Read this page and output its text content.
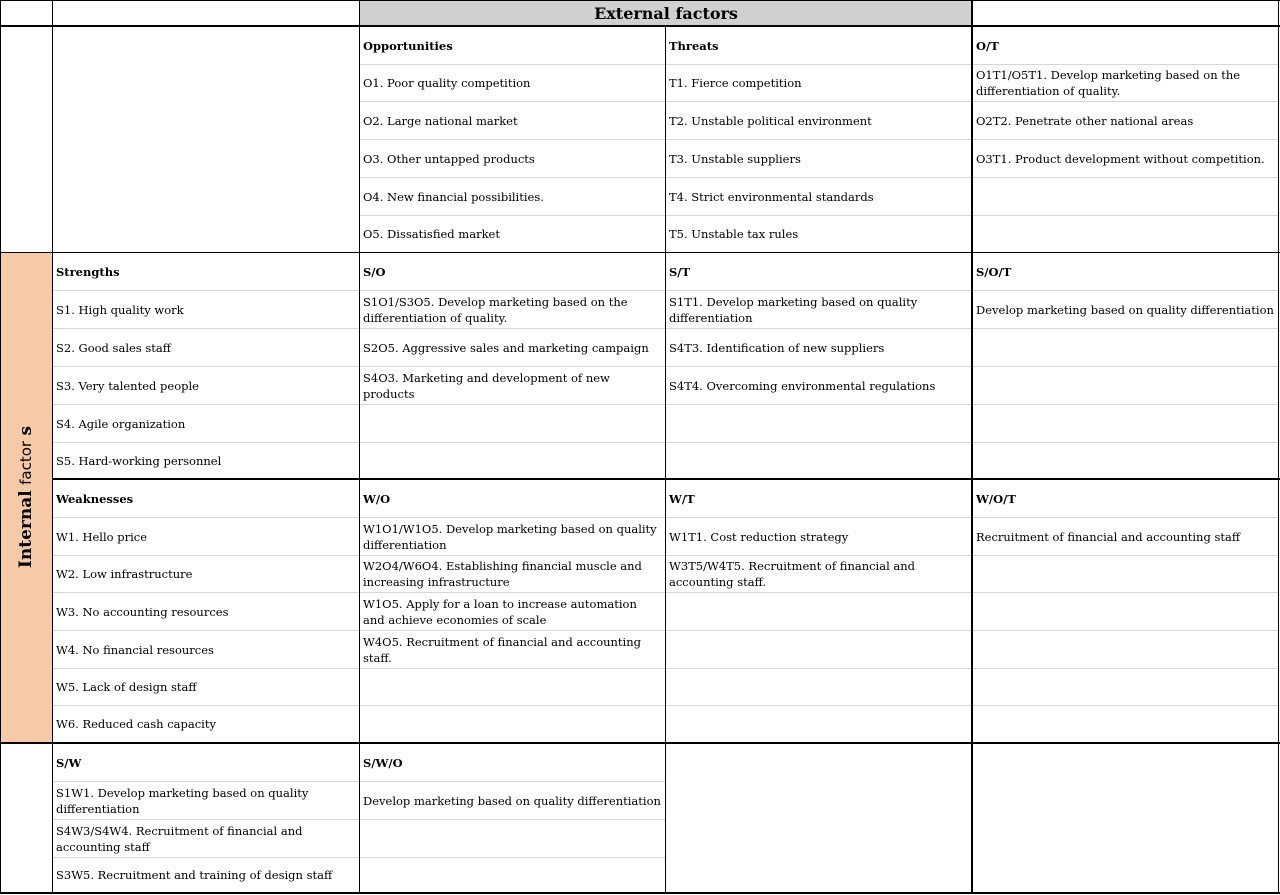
External factors
Internal factor s
Opportunities
O1. Poor quality competition
O2. Large national market
O3. Other untapped products
O4. New financial possibilities.
O5. Dissatisfied market
Threats
T1. Fierce competition
T2. Unstable political environment
T3. Unstable suppliers
T4. Strict environmental standards
T5. Unstable tax rules
O/T
O1T1/O5T1. Develop marketing based on the differentiation of quality.
O2T2. Penetrate other national areas
O3T1. Product development without competition.
Strengths
S1. High quality work
S2. Good sales staff
S3. Very talented people
S4. Agile organization
S5. Hard-working personnel
S/O
S1O1/S3O5. Develop marketing based on the differentiation of quality.
S2O5. Aggressive sales and marketing campaign
S4O3. Marketing and development of new products
S/T
S1T1. Develop marketing based on quality differentiation
S4T3. Identification of new suppliers
S4T4. Overcoming environmental regulations
S/O/T
Develop marketing based on quality differentiation
Weaknesses
W1. Hello price
W2. Low infrastructure
W3. No accounting resources
W4. No financial resources
W5. Lack of design staff
W6. Reduced cash capacity
W/O
W1O1/W1O5. Develop marketing based on quality differentiation
W2O4/W6O4. Establishing financial muscle and increasing infrastructure
W1O5. Apply for a loan to increase automation and achieve economies of scale
W4O5. Recruitment of financial and accounting staff.
W/T
W1T1. Cost reduction strategy
W3T5/W4T5. Recruitment of financial and accounting staff.
W/O/T
Recruitment of financial and accounting staff
S/W
S1W1. Develop marketing based on quality differentiation
S4W3/S4W4. Recruitment of financial and accounting staff
S3W5. Recruitment and training of design staff
S/W/O
Develop marketing based on quality differentiation
